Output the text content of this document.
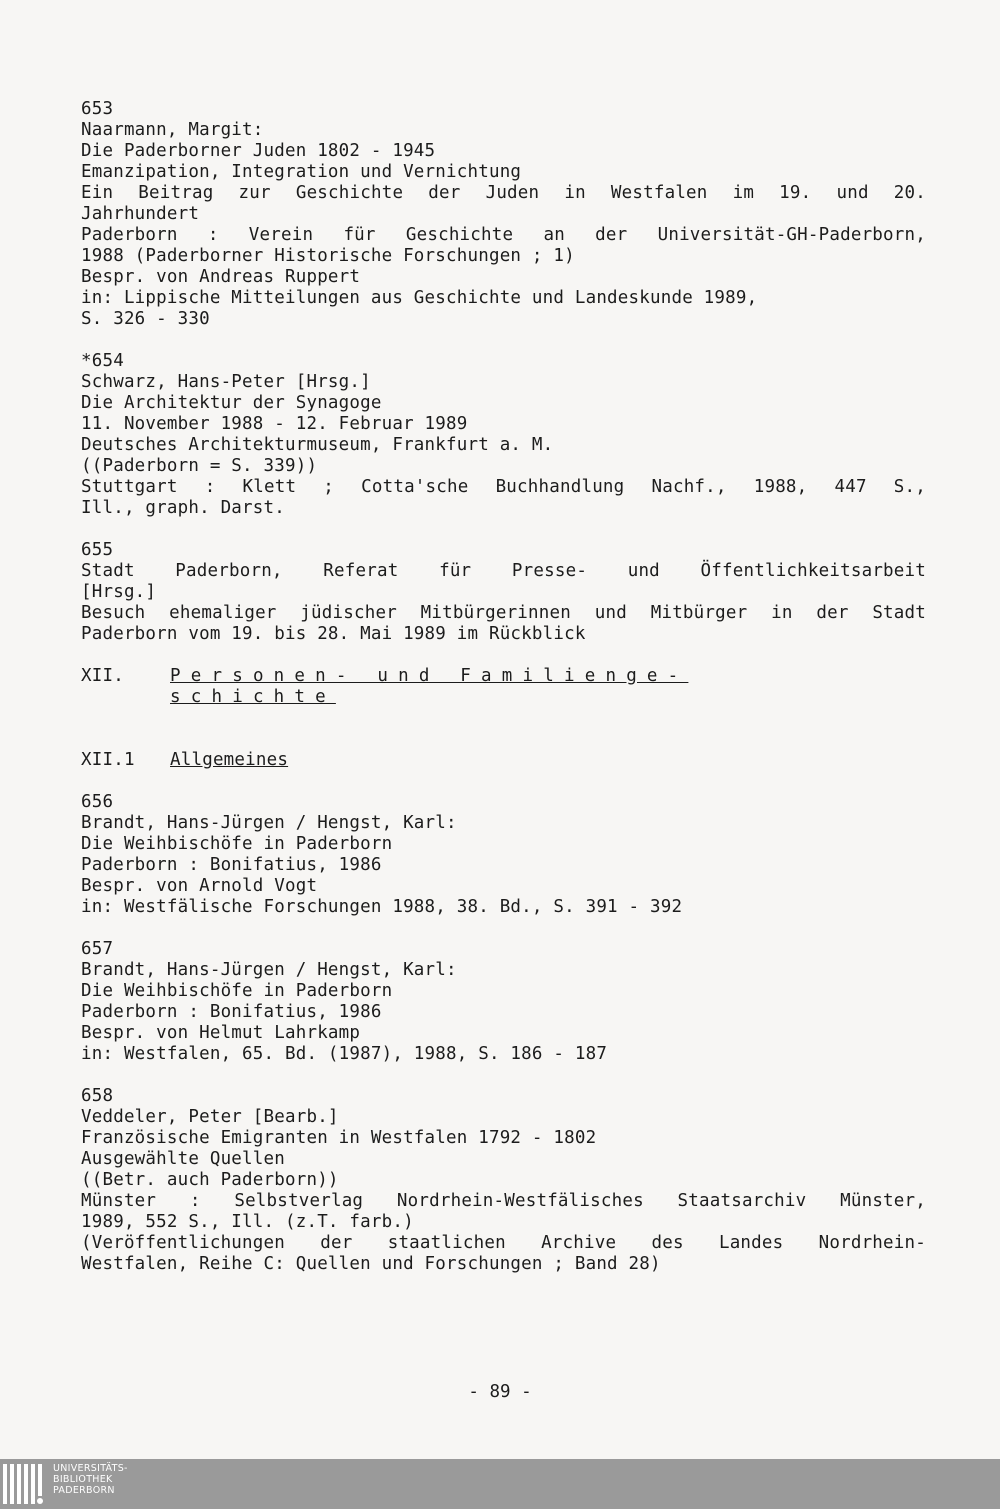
653
Naarmann, Margit:
Die Paderborner Juden 1802 - 1945
Emanzipation, Integration und Vernichtung
Ein Beitrag zur Geschichte der Juden in Westfalen im 19. und 20.
Jahrhundert
Paderborn : Verein für Geschichte an der Universität-GH-Paderborn,
1988 (Paderborner Historische Forschungen ; 1)
Bespr. von Andreas Ruppert
in: Lippische Mitteilungen aus Geschichte und Landeskunde 1989,
S. 326 - 330
*654
Schwarz, Hans-Peter [Hrsg.]
Die Architektur der Synagoge
11. November 1988 - 12. Februar 1989
Deutsches Architekturmuseum, Frankfurt a. M.
((Paderborn = S. 339))
Stuttgart : Klett ; Cotta'sche Buchhandlung Nachf., 1988, 447 S.,
Ill., graph. Darst.
655
Stadt Paderborn, Referat für Presse- und Öffentlichkeitsarbeit
[Hrsg.]
Besuch ehemaliger jüdischer Mitbürgerinnen und Mitbürger in der Stadt
Paderborn vom 19. bis 28. Mai 1989 im Rückblick
XII.	Personen- und Familienge-
schichte
XII.1	Allgemeines
656
Brandt, Hans-Jürgen / Hengst, Karl:
Die Weihbischöfe in Paderborn
Paderborn : Bonifatius, 1986
Bespr. von Arnold Vogt
in: Westfälische Forschungen 1988, 38. Bd., S. 391 - 392
657
Brandt, Hans-Jürgen / Hengst, Karl:
Die Weihbischöfe in Paderborn
Paderborn : Bonifatius, 1986
Bespr. von Helmut Lahrkamp
in: Westfalen, 65. Bd. (1987), 1988, S. 186 - 187
658
Veddeler, Peter [Bearb.]
Französische Emigranten in Westfalen 1792 - 1802
Ausgewählte Quellen
((Betr. auch Paderborn))
Münster : Selbstverlag Nordrhein-Westfälisches Staatsarchiv Münster,
1989, 552 S., Ill. (z.T. farb.)
(Veröffentlichungen der staatlichen Archive des Landes Nordrhein-
Westfalen, Reihe C: Quellen und Forschungen ; Band 28)
- 89 -
UNIVERSITÄTS-
BIBLIOTHEK
PADERBORN
